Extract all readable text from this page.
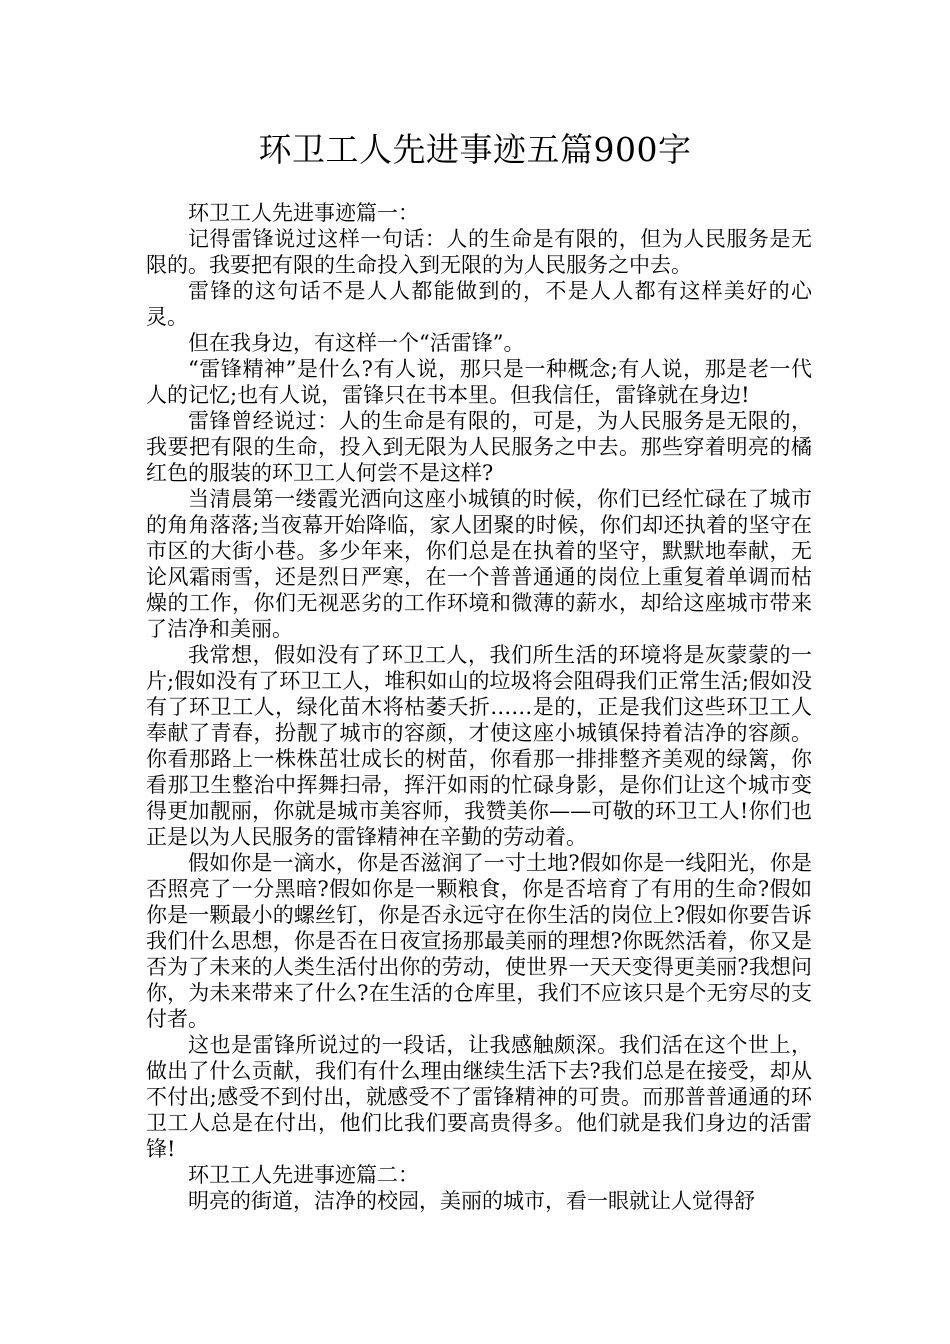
环卫工人先进事迹五篇900字

环卫工人先进事迹篇一：

记得雷锋说过这样一句话：人的生命是有限的，但为人民服务是无限的。我要把有限的生命投入到无限的为人民服务之中去。

雷锋的这句话不是人人都能做到的，不是人人都有这样美好的心灵。

但在我身边，有这样一个“活雷锋”。

“雷锋精神”是什么?有人说，那只是一种概念;有人说，那是老一代人的记忆;也有人说，雷锋只在书本里。但我信任，雷锋就在身边!

雷锋曾经说过：人的生命是有限的，可是，为人民服务是无限的，我要把有限的生命，投入到无限为人民服务之中去。那些穿着明亮的橘红色的服装的环卫工人何尝不是这样?

当清晨第一缕霞光洒向这座小城镇的时候，你们已经忙碌在了城市的角角落落;当夜幕开始降临，家人团聚的时候，你们却还执着的坚守在市区的大街小巷。多少年来，你们总是在执着的坚守，默默地奉献，无论风霜雨雪，还是烈日严寒，在一个普普通通的岗位上重复着单调而枯燥的工作，你们无视恶劣的工作环境和微薄的薪水，却给这座城市带来了洁净和美丽。

我常想，假如没有了环卫工人，我们所生活的环境将是灰蒙蒙的一片;假如没有了环卫工人，堆积如山的垃圾将会阻碍我们正常生活;假如没有了环卫工人，绿化苗木将枯萎夭折……是的，正是我们这些环卫工人奉献了青春，扮靓了城市的容颜，才使这座小城镇保持着洁净的容颜。你看那路上一株株茁壮成长的树苗，你看那一排排整齐美观的绿篱，你看那卫生整治中挥舞扫帚，挥汗如雨的忙碌身影，是你们让这个城市变得更加靓丽，你就是城市美容师，我赞美你——可敬的环卫工人!你们也正是以为人民服务的雷锋精神在辛勤的劳动着。

假如你是一滴水，你是否滋润了一寸土地?假如你是一线阳光，你是否照亮了一分黑暗?假如你是一颗粮食，你是否培育了有用的生命?假如你是一颗最小的螺丝钉，你是否永远守在你生活的岗位上?假如你要告诉我们什么思想，你是否在日夜宣扬那最美丽的理想?你既然活着，你又是否为了未来的人类生活付出你的劳动，使世界一天天变得更美丽?我想问你，为未来带来了什么?在生活的仓库里，我们不应该只是个无穷尽的支付者。

这也是雷锋所说过的一段话，让我感触颇深。我们活在这个世上，做出了什么贡献，我们有什么理由继续生活下去?我们总是在接受，却从不付出;感受不到付出，就感受不了雷锋精神的可贵。而那普普通通的环卫工人总是在付出，他们比我们要高贵得多。他们就是我们身边的活雷锋!

环卫工人先进事迹篇二：

明亮的街道，洁净的校园，美丽的城市，看一眼就让人觉得舒
